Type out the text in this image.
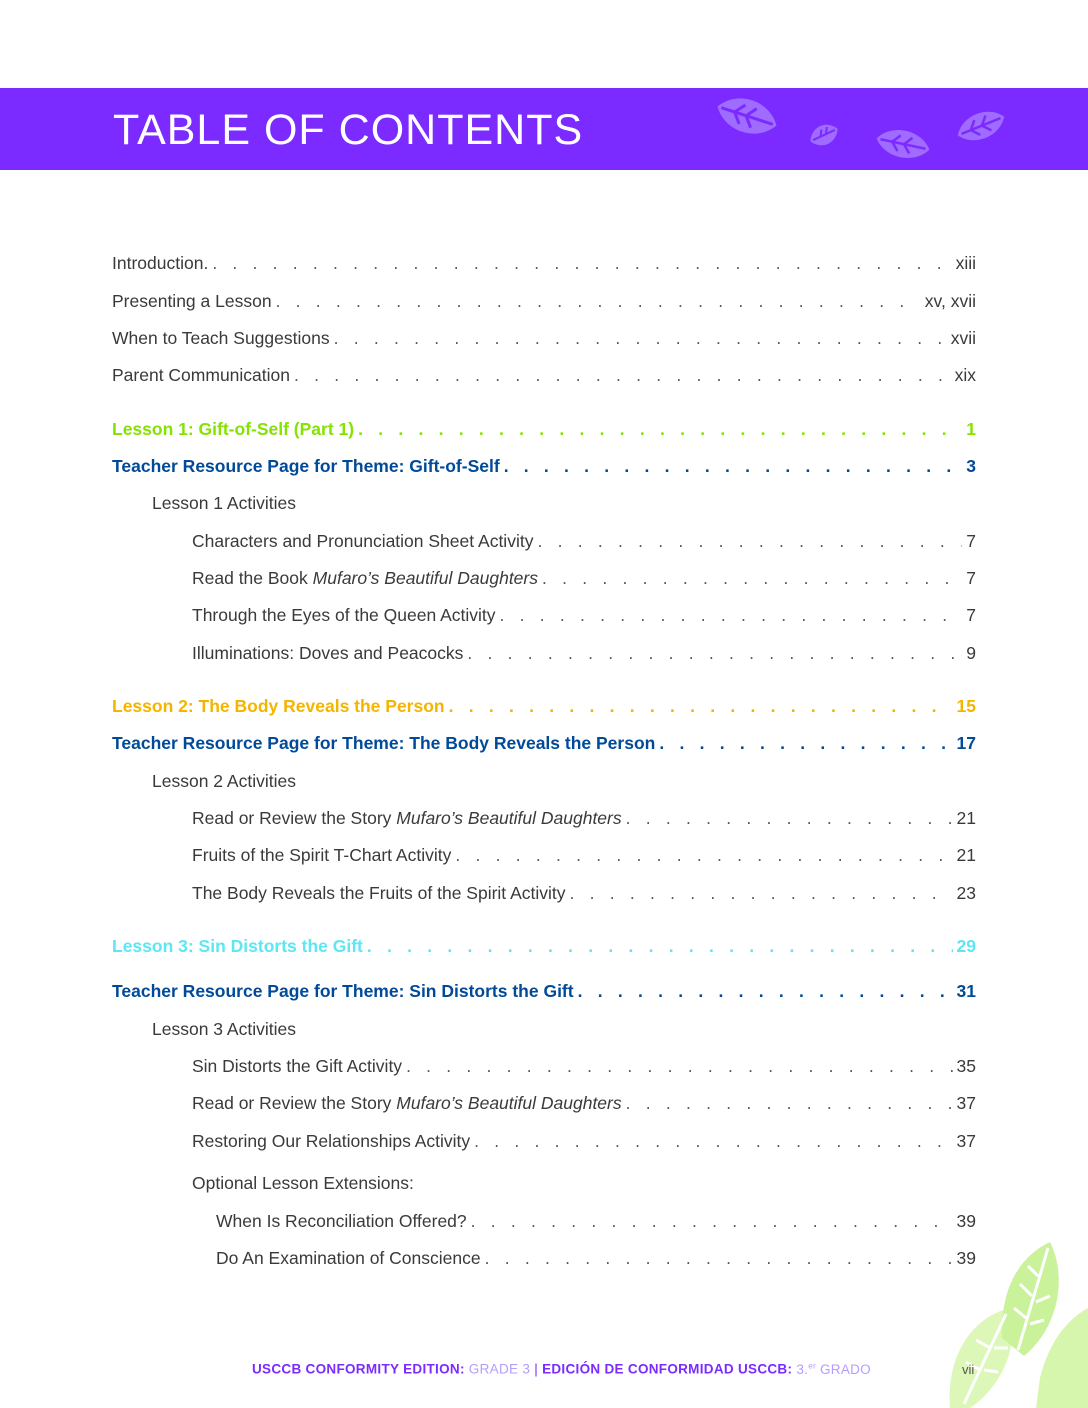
TABLE OF CONTENTS
Introduction. . . .	xiii
Presenting a Lesson . . .	xv, xvii
When to Teach Suggestions . . .	xvii
Parent Communication . . .	xix
Lesson 1: Gift-of-Self (Part 1) . . .	1
Teacher Resource Page for Theme: Gift-of-Self . . .	3
Lesson 1 Activities
Characters and Pronunciation Sheet Activity . . .	7
Read the Book Mufaro’s Beautiful Daughters . . .	7
Through the Eyes of the Queen Activity . . .	7
Illuminations: Doves and Peacocks . . .	9
Lesson 2: The Body Reveals the Person . . .	15
Teacher Resource Page for Theme: The Body Reveals the Person . . .	17
Lesson 2 Activities
Read or Review the Story Mufaro’s Beautiful Daughters . . .	21
Fruits of the Spirit T-Chart Activity . . .	21
The Body Reveals the Fruits of the Spirit Activity . . .	23
Lesson 3: Sin Distorts the Gift . . .	29
Teacher Resource Page for Theme: Sin Distorts the Gift . . .	31
Lesson 3 Activities
Sin Distorts the Gift Activity . . .	35
Read or Review the Story Mufaro’s Beautiful Daughters . . .	37
Restoring Our Relationships Activity . . .	37
Optional Lesson Extensions:
When Is Reconciliation Offered? . . .	39
Do An Examination of Conscience . . .	39
USCCB CONFORMITY EDITION: GRADE 3 | EDICIÓN DE CONFORMIDAD USCCB: 3.$^{er}$ GRADO	vii
